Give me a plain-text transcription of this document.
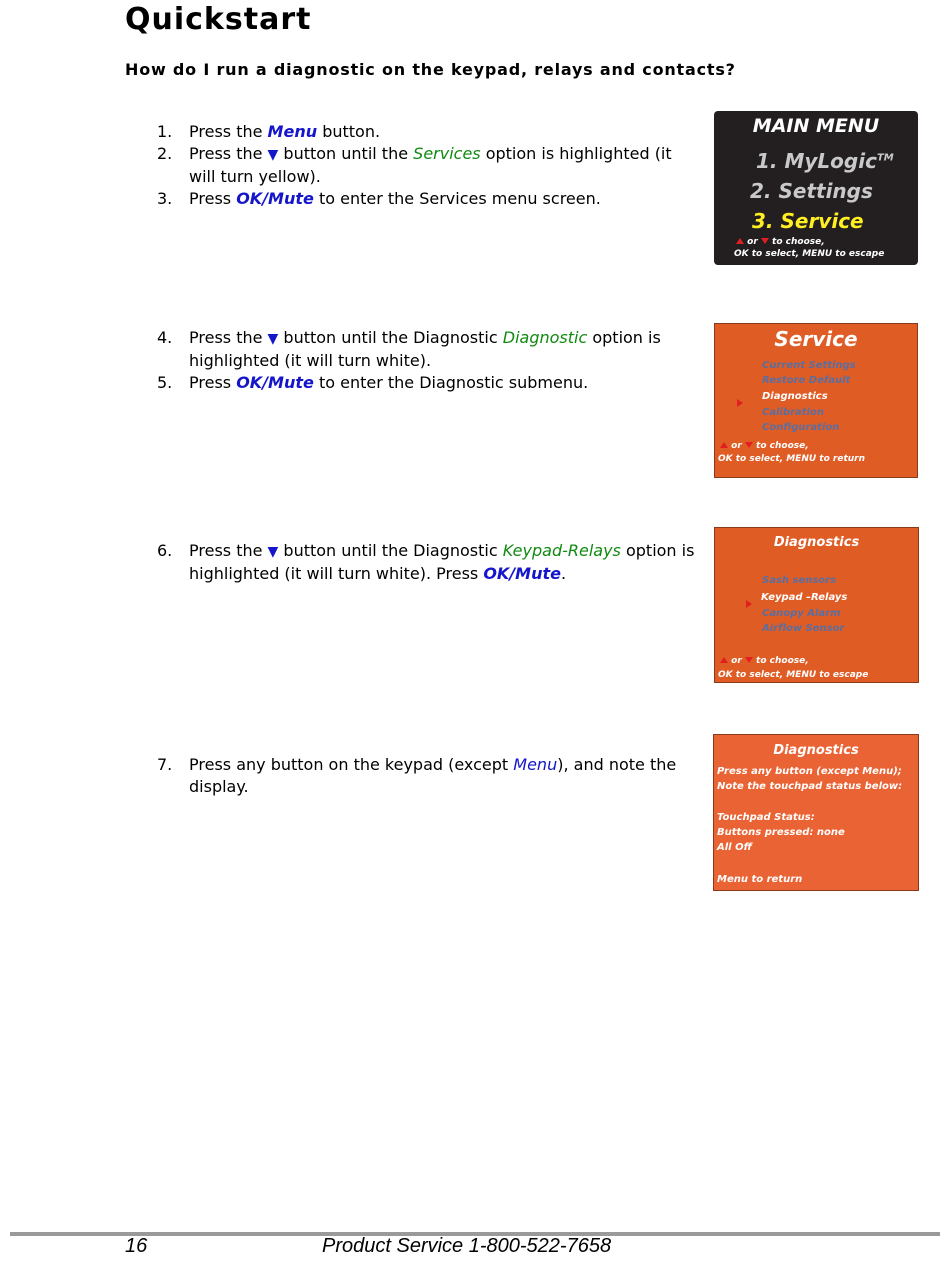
Quickstart
How do I run a diagnostic on the keypad, relays and contacts?
1.	Press the Menu button.
2.	Press the ▼ button until the Services option is highlighted (it will turn yellow).
3.	Press OK/Mute to enter the Services menu screen.
4.	Press the ▼ button until the Diagnostic Diagnostic option is highlighted (it will turn white).
5.	Press OK/Mute to enter the Diagnostic submenu.
6.	Press the ▼ button until the Diagnostic Keypad-Relays option is highlighted (it will turn white). Press OK/Mute.
7.	Press any button on the keypad (except Menu), and note the display.
MAIN MENU
1. MyLogic™
2. Settings
3. Service
or to choose,
OK to select, MENU to escape
Service
Current Settings
Restore Default
Diagnostics
Calibration
Configuration
or to choose,
OK to select, MENU to return
Diagnostics
Sash sensors
Keypad –Relays
Canopy Alarm
Airflow Sensor
or to choose,
OK to select, MENU to escape
Diagnostics
Press any button (except Menu);
Note the touchpad status below:
Touchpad Status:
Buttons pressed: none
All Off
Menu to return
16	Product Service 1-800-522-7658
